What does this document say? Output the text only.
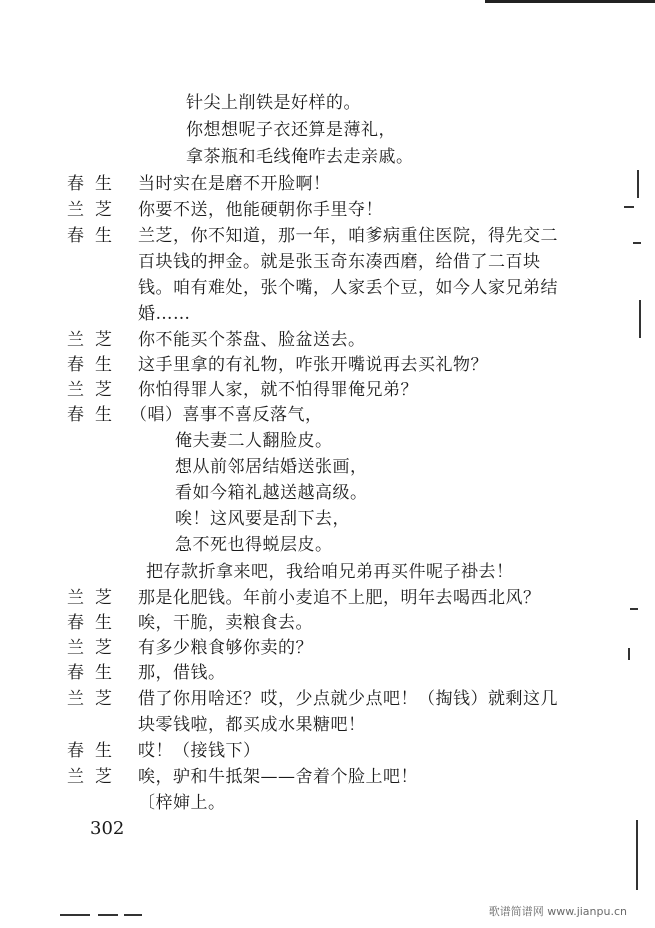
针尖上削铁是好样的。
你想想呢子衣还算是薄礼，
拿茶瓶和毛线俺咋去走亲戚。
春生 当时实在是磨不开脸啊！
兰芝 你要不送，他能硬朝你手里夺！
春生 兰芝，你不知道，那一年，咱爹病重住医院，得先交二
百块钱的押金。就是张玉奇东凑西磨，给借了二百块
钱。咱有难处，张个嘴，人家丢个豆，如今人家兄弟结
婚……
兰芝 你不能买个茶盘、脸盆送去。
春生 这手里拿的有礼物，咋张开嘴说再去买礼物？
兰芝 你怕得罪人家，就不怕得罪俺兄弟？
春生 （唱）喜事不喜反落气，
俺夫妻二人翻脸皮。
想从前邻居结婚送张画，
看如今箱礼越送越高级。
唉！这风要是刮下去，
急不死也得蜕层皮。
把存款折拿来吧，我给咱兄弟再买件呢子褂去！
兰芝 那是化肥钱。年前小麦追不上肥，明年去喝西北风？
春生 唉，干脆，卖粮食去。
兰芝 有多少粮食够你卖的？
春生 那，借钱。
兰芝 借了你用啥还？哎，少点就少点吧！（掏钱）就剩这几
块零钱啦，都买成水果糖吧！
春生 哎！（接钱下）
兰芝 唉，驴和牛抵架——舍着个脸上吧！
〔梓婶上。
302
歌谱简谱网 www.jianpu.cn
